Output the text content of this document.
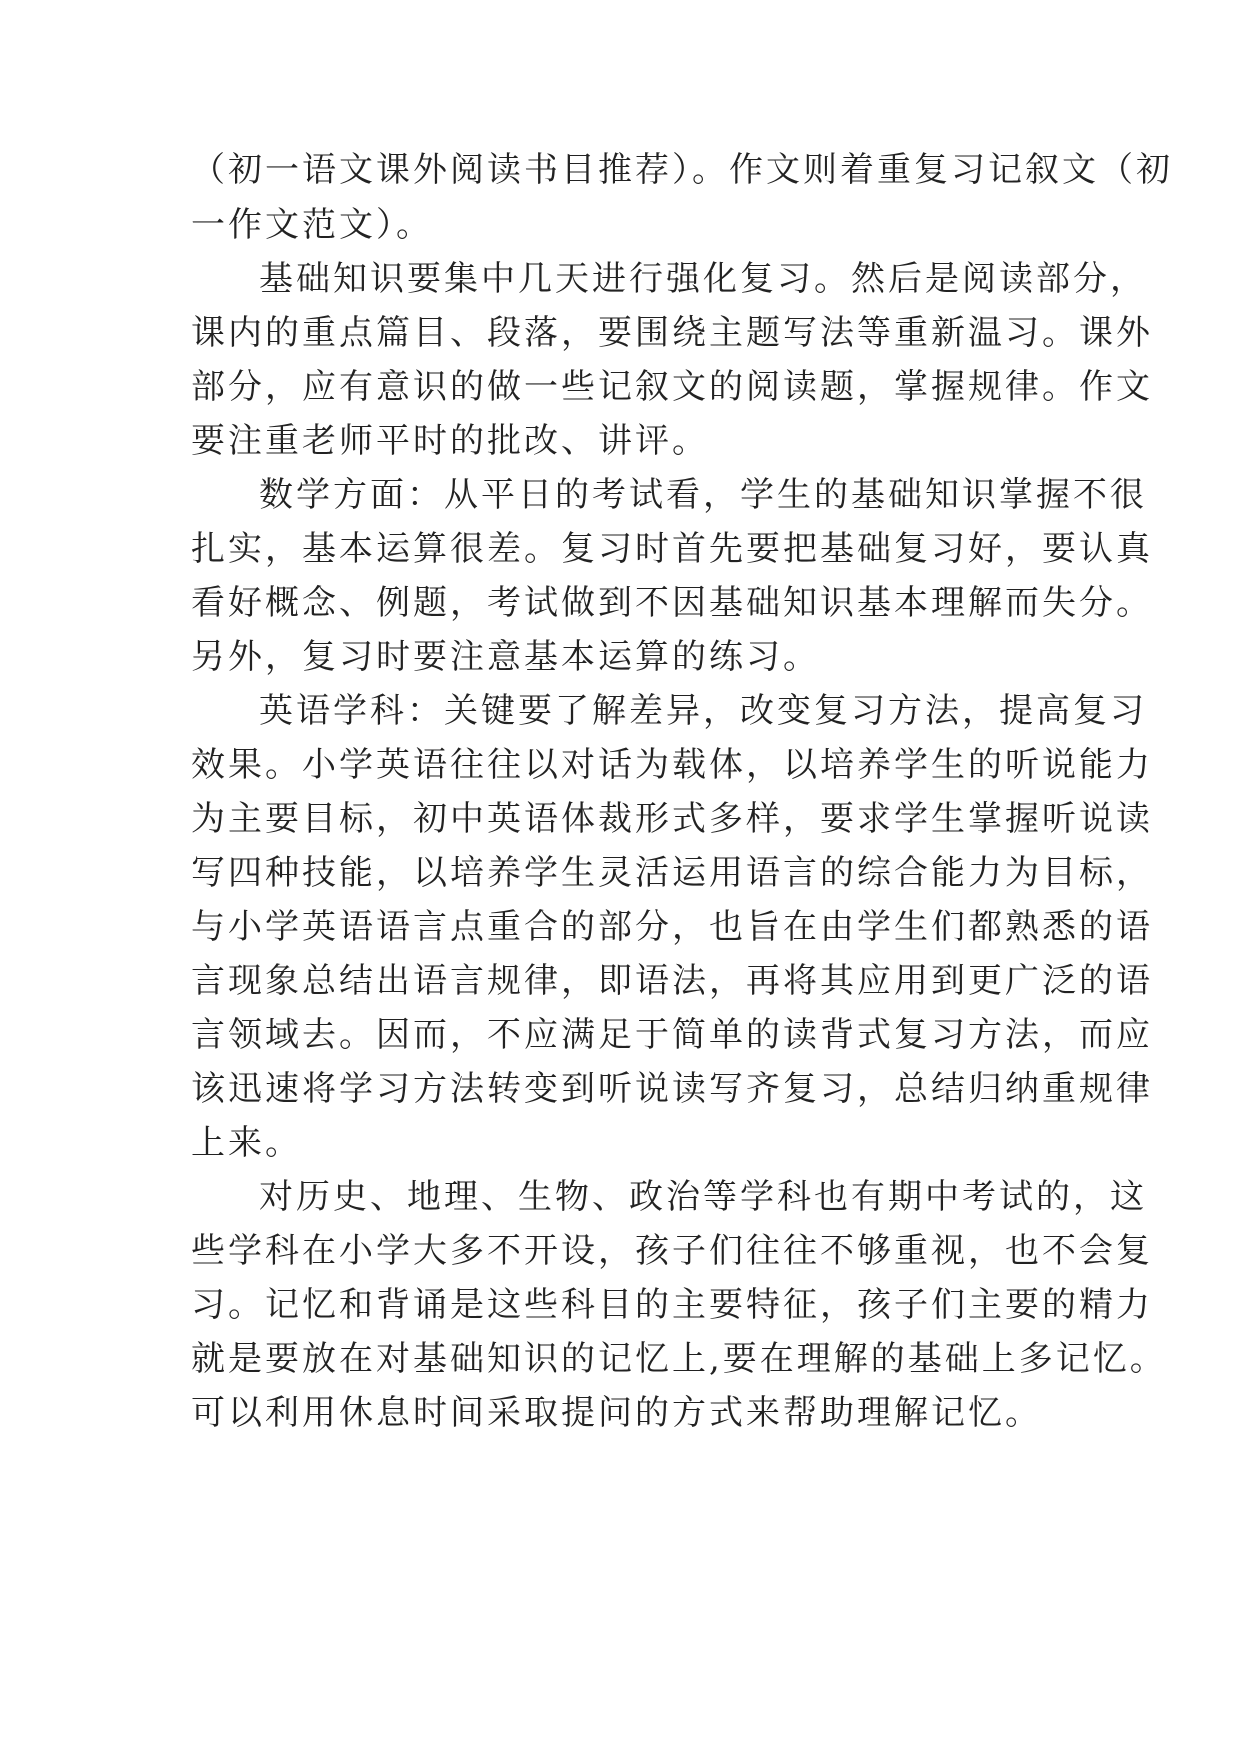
（初一语文课外阅读书目推荐）。作文则着重复习记叙文（初
一作文范文）。
基础知识要集中几天进行强化复习。然后是阅读部分，
课内的重点篇目、段落，要围绕主题写法等重新温习。课外
部分，应有意识的做一些记叙文的阅读题，掌握规律。作文
要注重老师平时的批改、讲评。
数学方面：从平日的考试看，学生的基础知识掌握不很
扎实，基本运算很差。复习时首先要把基础复习好，要认真
看好概念、例题，考试做到不因基础知识基本理解而失分。
另外，复习时要注意基本运算的练习。
英语学科：关键要了解差异，改变复习方法，提高复习
效果。小学英语往往以对话为载体，以培养学生的听说能力
为主要目标，初中英语体裁形式多样，要求学生掌握听说读
写四种技能，以培养学生灵活运用语言的综合能力为目标，
与小学英语语言点重合的部分，也旨在由学生们都熟悉的语
言现象总结出语言规律，即语法，再将其应用到更广泛的语
言领域去。因而，不应满足于简单的读背式复习方法，而应
该迅速将学习方法转变到听说读写齐复习，总结归纳重规律
上来。
对历史、地理、生物、政治等学科也有期中考试的，这
些学科在小学大多不开设，孩子们往往不够重视，也不会复
习。记忆和背诵是这些科目的主要特征，孩子们主要的精力
就是要放在对基础知识的记忆上,要在理解的基础上多记忆。
可以利用休息时间采取提问的方式来帮助理解记忆。
